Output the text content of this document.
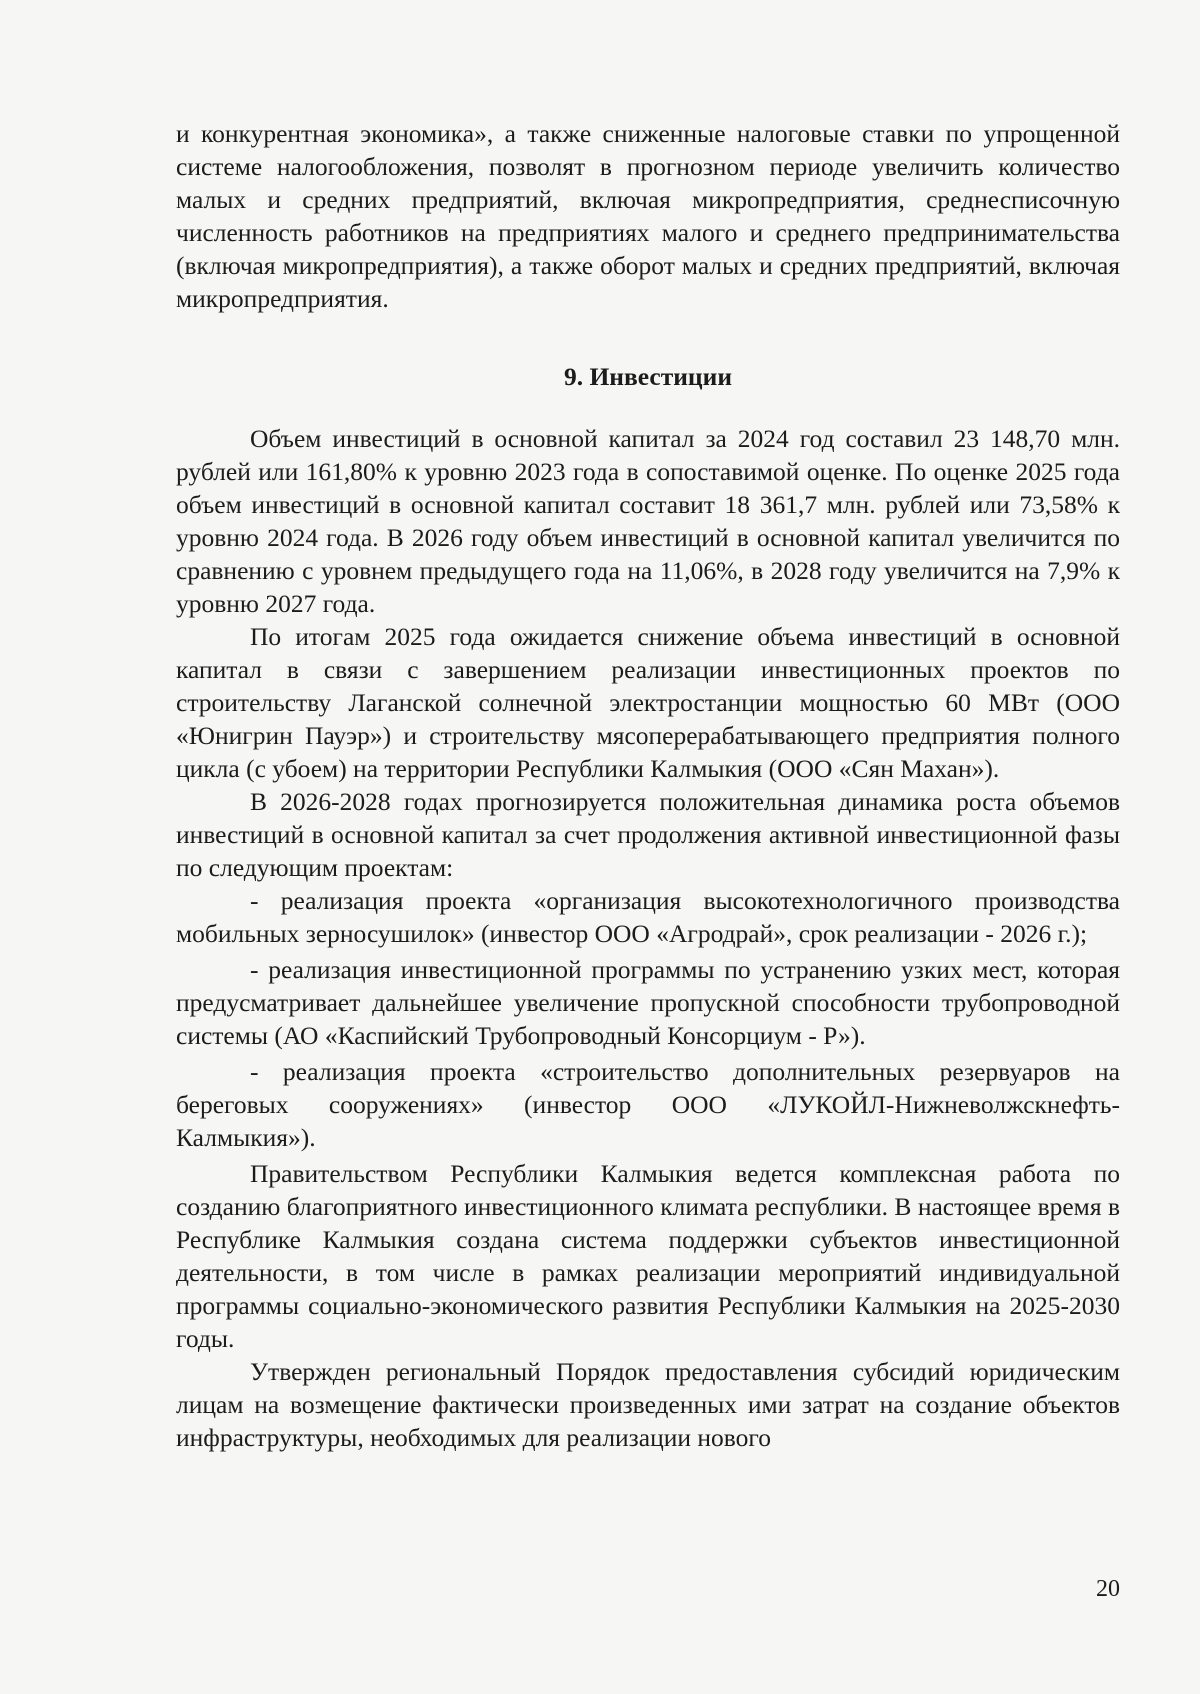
и конкурентная экономика», а также сниженные налоговые ставки по упрощенной системе налогообложения, позволят в прогнозном периоде увеличить количество малых и средних предприятий, включая микропредприятия, среднесписочную численность работников на предприятиях малого и среднего предпринимательства (включая микропредприятия), а также оборот малых и средних предприятий, включая микропредприятия.

9. Инвестиции

Объем инвестиций в основной капитал за 2024 год составил 23 148,70 млн. рублей или 161,80% к уровню 2023 года в сопоставимой оценке. По оценке 2025 года объем инвестиций в основной капитал составит 18 361,7 млн. рублей или 73,58% к уровню 2024 года. В 2026 году объем инвестиций в основной капитал увеличится по сравнению с уровнем предыдущего года на 11,06%, в 2028 году увеличится на 7,9% к уровню 2027 года.

По итогам 2025 года ожидается снижение объема инвестиций в основной капитал в связи с завершением реализации инвестиционных проектов по строительству Лаганской солнечной электростанции мощностью 60 МВт (ООО «Юнигрин Пауэр») и строительству мясоперерабатывающего предприятия полного цикла (с убоем) на территории Республики Калмыкия (ООО «Сян Махан»).

В 2026-2028 годах прогнозируется положительная динамика роста объемов инвестиций в основной капитал за счет продолжения активной инвестиционной фазы по следующим проектам:

- реализация проекта «организация высокотехнологичного производства мобильных зерносушилок» (инвестор ООО «Агродрай», срок реализации - 2026 г.);

- реализация инвестиционной программы по устранению узких мест, которая предусматривает дальнейшее увеличение пропускной способности трубопроводной системы (АО «Каспийский Трубопроводный Консорциум - Р»).

- реализация проекта «строительство дополнительных резервуаров на береговых сооружениях» (инвестор ООО «ЛУКОЙЛ-Нижневолжскнефть-Калмыкия»).

Правительством Республики Калмыкия ведется комплексная работа по созданию благоприятного инвестиционного климата республики. В настоящее время в Республике Калмыкия создана система поддержки субъектов инвестиционной деятельности, в том числе в рамках реализации мероприятий индивидуальной программы социально-экономического развития Республики Калмыкия на 2025-2030 годы.

Утвержден региональный Порядок предоставления субсидий юридическим лицам на возмещение фактически произведенных ими затрат на создание объектов инфраструктуры, необходимых для реализации нового

20
